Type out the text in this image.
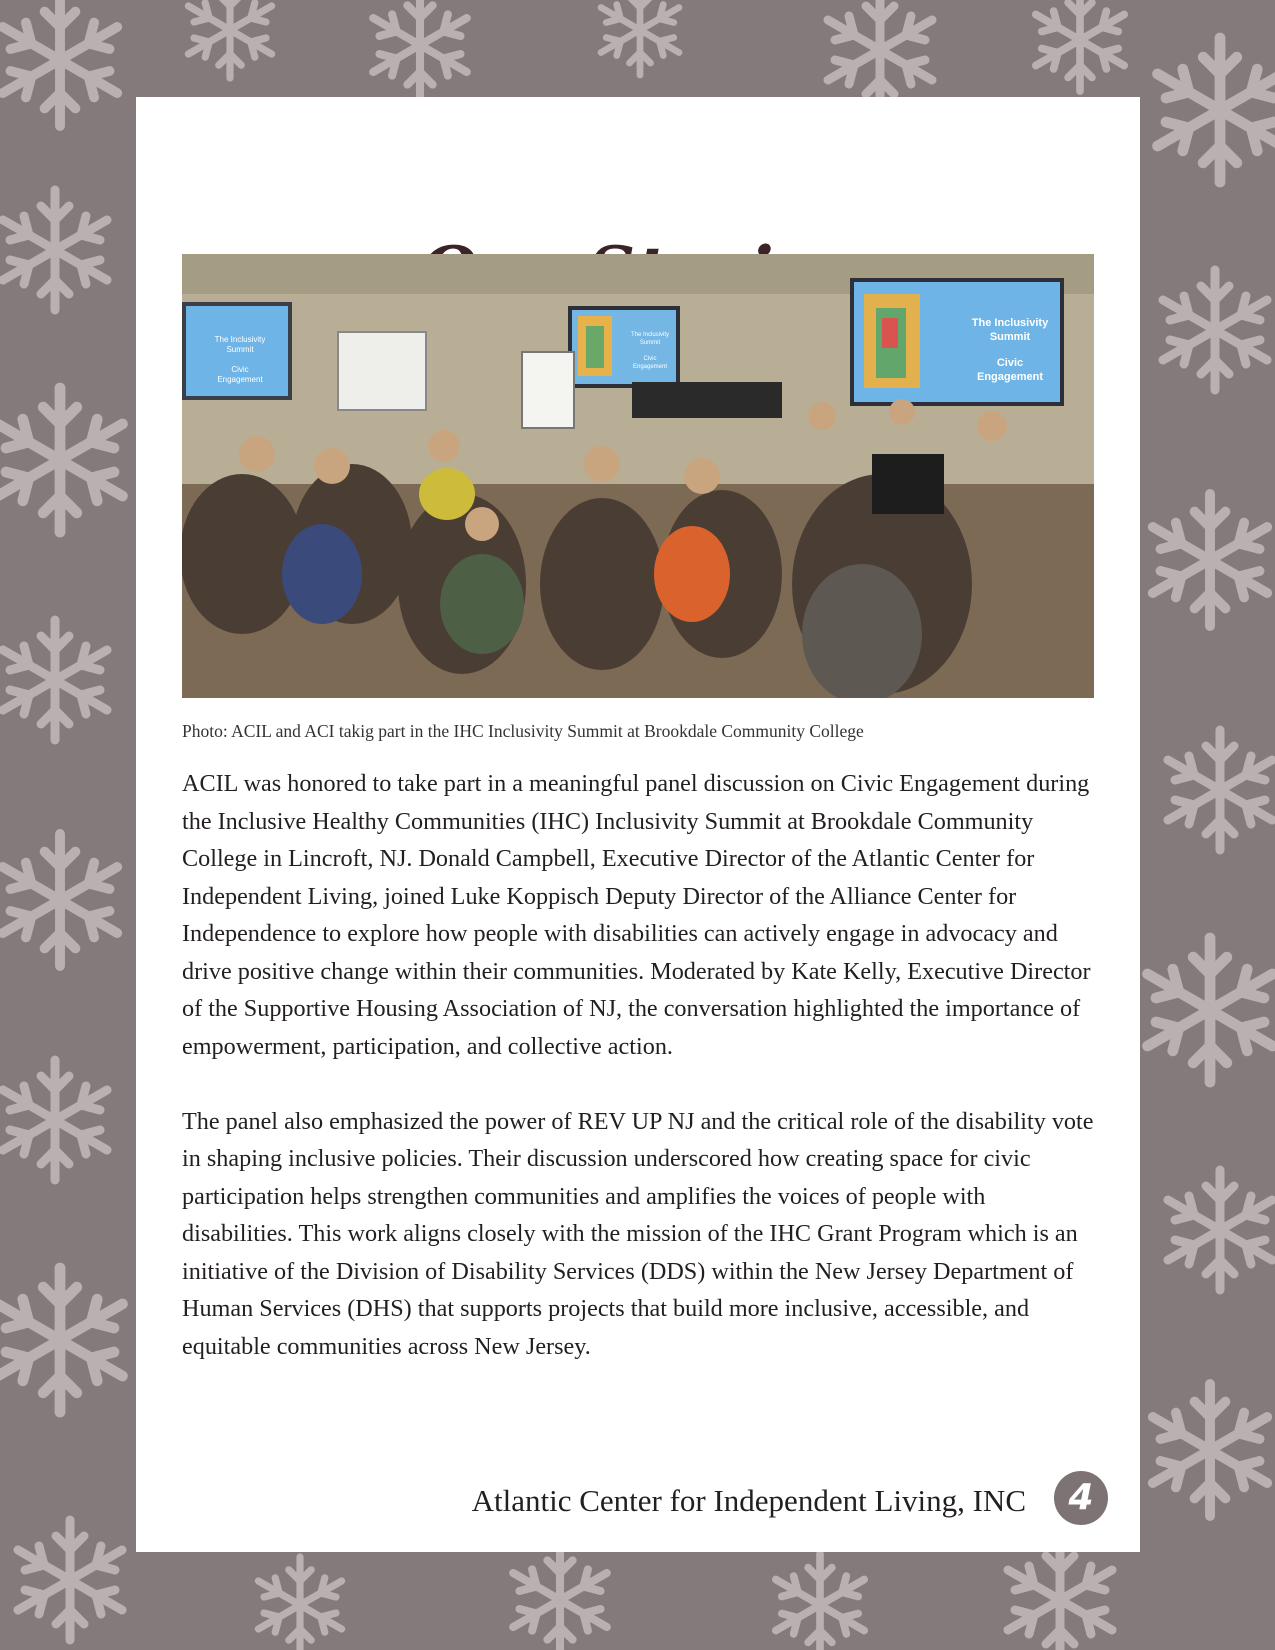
The Inclusivity
Summit
Civic
Engagement
The Inclusivity
Summit
Civic
Engagement
The Inclusivity
Summit
Civic
Engagement

Photo: ACIL and ACI takig part in the IHC Inclusivity Summit at Brookdale Community College

ACIL was honored to take part in a meaningful panel discussion on Civic Engagement during the Inclusive Healthy Communities (IHC) Inclusivity Summit at Brookdale Community College in Lincroft, NJ. Donald Campbell, Executive Director of the Atlantic Center for Independent Living, joined Luke Koppisch Deputy Director of the Alliance Center for Independence to explore how people with disabilities can actively engage in advocacy and drive positive change within their communities. Moderated by Kate Kelly, Executive Director of the Supportive Housing Association of NJ, the conversation highlighted the importance of empowerment, participation, and collective action.

The panel also emphasized the power of REV UP NJ and the critical role of the disability vote in shaping inclusive policies. Their discussion underscored how creating space for civic participation helps strengthen communities and amplifies the voices of people with disabilities. This work aligns closely with the mission of the IHC Grant Program which is an initiative of the Division of Disability Services (DDS) within the New Jersey Department of Human Services (DHS) that supports projects that build more inclusive, accessible, and equitable communities across New Jersey.

Atlantic Center for Independent Living, INC	4
